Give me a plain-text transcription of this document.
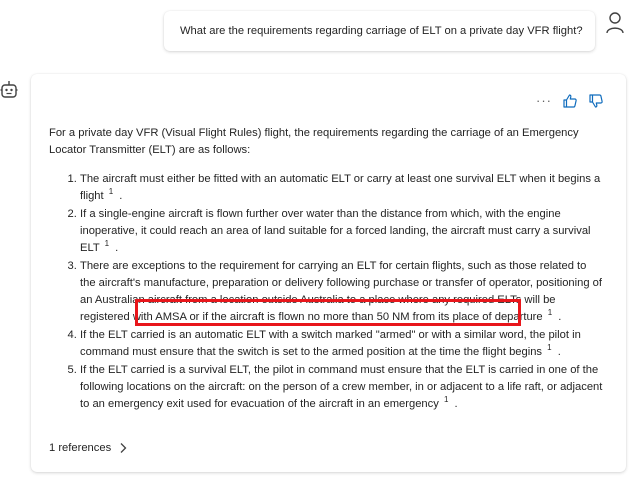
What are the requirements regarding carriage of ELT on a private day VFR flight?
···

For a private day VFR (Visual Flight Rules) flight, the requirements regarding the carriage of an Emergency Locator Transmitter (ELT) are as follows:

1. The aircraft must either be fitted with an automatic ELT or carry at least one survival ELT when it begins a flight $^1$ .

2. If a single-engine aircraft is flown further over water than the distance from which, with the engine inoperative, it could reach an area of land suitable for a forced landing, the aircraft must carry a survival ELT $^1$ .

3. There are exceptions to the requirement for carrying an ELT for certain flights, such as those related to the aircraft's manufacture, preparation or delivery following purchase or transfer of operator, positioning of an Australian aircraft from a location outside Australia to a place where any required ELTs will be registered with AMSA or if the aircraft is flown no more than 50 NM from its place of departure $^1$ .

4. If the ELT carried is an automatic ELT with a switch marked "armed" or with a similar word, the pilot in command must ensure that the switch is set to the armed position at the time the flight begins $^1$ .

5. If the ELT carried is a survival ELT, the pilot in command must ensure that the ELT is carried in one of the following locations on the aircraft: on the person of a crew member, in or adjacent to a life raft, or adjacent to an emergency exit used for evacuation of the aircraft in an emergency $^1$ .

1 references
